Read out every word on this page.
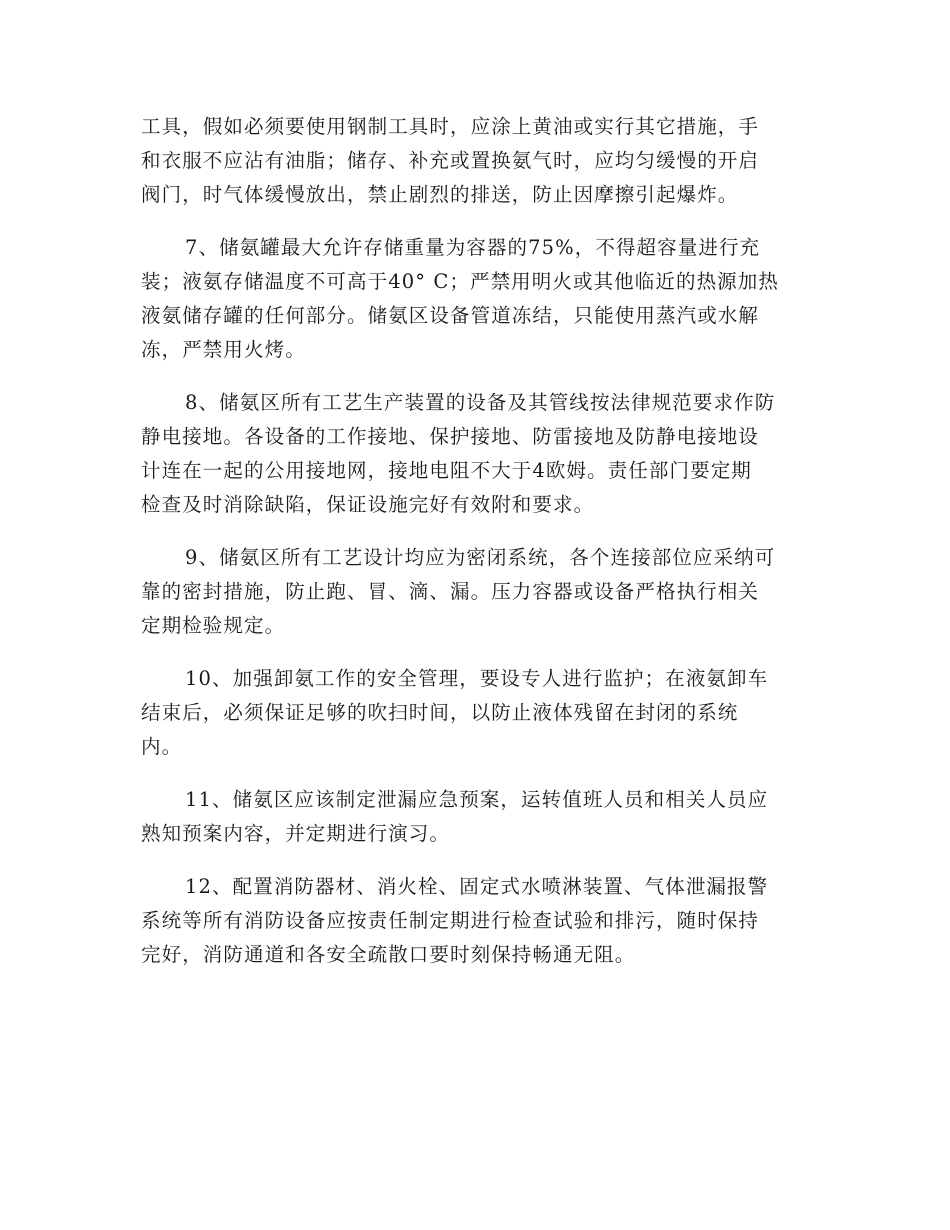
工具，假如必须要使用钢制工具时，应涂上黄油或实行其它措施，手
和衣服不应沾有油脂；储存、补充或置换氨气时，应均匀缓慢的开启
阀门，时气体缓慢放出，禁止剧烈的排送，防止因摩擦引起爆炸。
7、储氨罐最大允许存储重量为容器的75%，不得超容量进行充
装；液氨存储温度不可高于40° C；严禁用明火或其他临近的热源加热
液氨储存罐的任何部分。储氨区设备管道冻结，只能使用蒸汽或水解
冻，严禁用火烤。
8、储氨区所有工艺生产装置的设备及其管线按法律规范要求作防
静电接地。各设备的工作接地、保护接地、防雷接地及防静电接地设
计连在一起的公用接地网，接地电阻不大于4欧姆。责任部门要定期
检查及时消除缺陷，保证设施完好有效附和要求。
9、储氨区所有工艺设计均应为密闭系统，各个连接部位应采纳可
靠的密封措施，防止跑、冒、滴、漏。压力容器或设备严格执行相关
定期检验规定。
10、加强卸氨工作的安全管理，要设专人进行监护；在液氨卸车
结束后，必须保证足够的吹扫时间，以防止液体残留在封闭的系统
内。
11、储氨区应该制定泄漏应急预案，运转值班人员和相关人员应
熟知预案内容，并定期进行演习。
12、配置消防器材、消火栓、固定式水喷淋装置、气体泄漏报警
系统等所有消防设备应按责任制定期进行检查试验和排污，随时保持
完好，消防通道和各安全疏散口要时刻保持畅通无阻。
